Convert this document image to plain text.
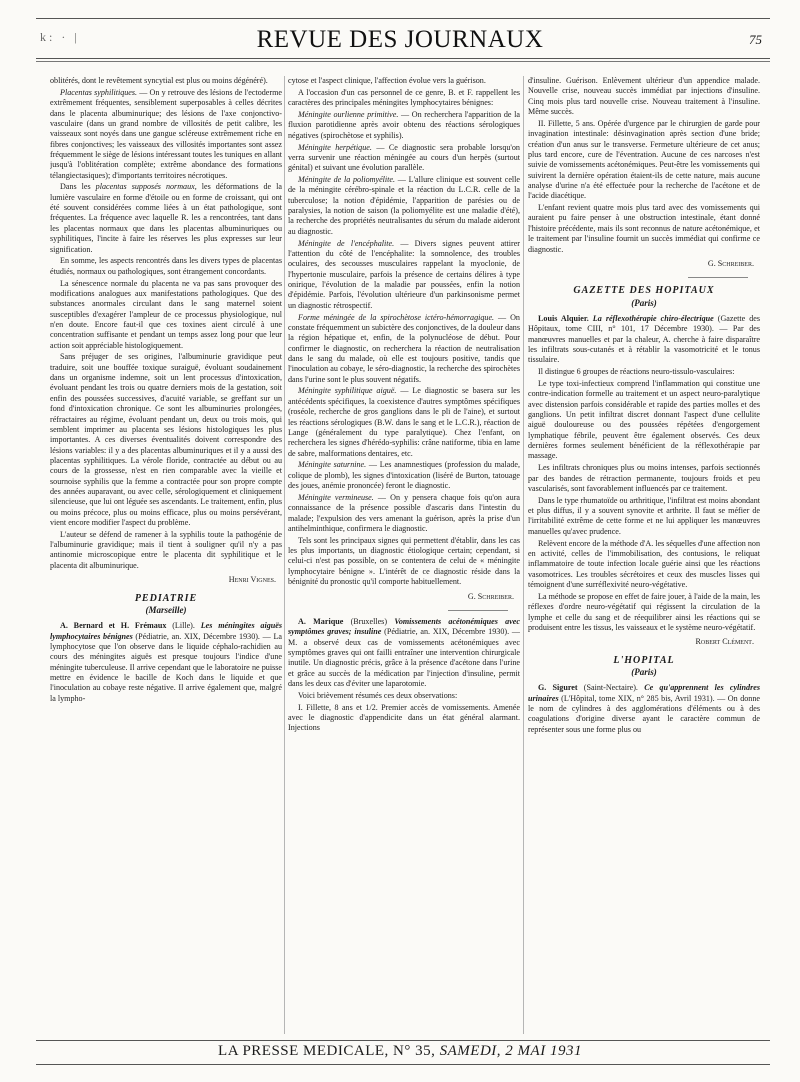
k: · |	REVUE DES JOURNAUX	75

oblitérés, dont le revêtement syncytial est plus ou moins dégénéré).

Placentas syphilitiques. — On y retrouve des lésions de l'ectoderme extrêmement fréquentes, sensiblement superposables à celles décrites dans le placenta albuminurique; des lésions de l'axe conjonctivo-vasculaire (dans un grand nombre de villosités de petit calibre, les vaisseaux sont noyés dans une gangue scléreuse extrêmement riche en fibres conjonctives; les vaisseaux des villosités importantes sont assez fréquemment le siège de lésions intéressant toutes les tuniques en allant jusqu'à l'oblitération complète; extrême abondance des formations télangiectasiques); d'importants territoires nécrotiques.

Dans les placentas supposés normaux, les déformations de la lumière vasculaire en forme d'étoile ou en forme de croissant, qui ont été souvent considérées comme liées à un état pathologique, sont fréquentes. La fréquence avec laquelle R. les a rencontrées, tant dans les placentas normaux que dans les placentas albuminuriques ou syphilitiques, l'incite à faire les réserves les plus expresses sur leur signification.

En somme, les aspects rencontrés dans les divers types de placentas étudiés, normaux ou pathologiques, sont étrangement concordants.

La sénescence normale du placenta ne va pas sans provoquer des modifications analogues aux manifestations pathologiques. Que des substances anormales circulant dans le sang maternel soient susceptibles d'exagérer l'ampleur de ce processus physiologique, nul n'en doute. Encore faut-il que ces toxines aient circulé à une concentration suffisante et pendant un temps assez long pour que leur action soit appréciable histologiquement.

Sans préjuger de ses origines, l'albuminurie gravidique peut traduire, soit une bouffée toxique suraiguë, évoluant soudainement dans un organisme indemne, soit un lent processus d'intoxication, évoluant pendant les trois ou quatre derniers mois de la gestation, soit enfin des poussées successives, d'acuité variable, se greffant sur un fond d'intoxication chronique. Ce sont les albuminuries prolongées, réfractaires au régime, évoluant pendant un, deux ou trois mois, qui semblent imprimer au placenta ses lésions histologiques les plus importantes. A ces diverses éventualités doivent correspondre des lésions variables: il y a des placentas albuminuriques et il y a aussi des placentas syphilitiques. La vérole floride, contractée au début ou au cours de la grossesse, n'est en rien comparable avec la vieille et sournoise syphilis que la femme a contractée pour son propre compte des années auparavant, ou avec celle, sérologiquement et cliniquement silencieuse, que lui ont léguée ses ascendants. Le traitement, enfin, plus ou moins précoce, plus ou moins efficace, plus ou moins persévérant, vient encore modifier l'aspect du problème.

L'auteur se défend de ramener à la syphilis toute la pathogénie de l'albuminurie gravidique; mais il tient à souligner qu'il n'y a pas antinomie microscopique entre le placenta dit syphilitique et le placenta dit albuminurique.

Henri Vignes.

PEDIATRIE
(Marseille)

A. Bernard et H. Frémaux (Lille). Les méningites aiguës lymphocytaires bénignes (Pédiatrie, an. XIX, Décembre 1930). — La lymphocytose que l'on observe dans le liquide céphalo-rachidien au cours des méningites aiguës est presque toujours l'indice d'une méningite tuberculeuse. Il arrive cependant que le laboratoire ne puisse mettre en évidence le bacille de Koch dans le liquide et que l'inoculation au cobaye reste négative. Il arrive également que, malgré la lympho-

cytose et l'aspect clinique, l'affection évolue vers la guérison.

A l'occasion d'un cas personnel de ce genre, B. et F. rappellent les caractères des principales méningites lymphocytaires bénignes:

Méningite ourlienne primitive. — On recherchera l'apparition de la fluxion parotidienne après avoir obtenu des réactions sérologiques négatives (spirochètose et syphilis).

Méningite herpétique. — Ce diagnostic sera probable lorsqu'on verra survenir une réaction méningée au cours d'un herpès (surtout génital) et suivant une évolution parallèle.

Méningite de la poliomyélite. — L'allure clinique est souvent celle de la méningite cérébro-spinale et la réaction du L.C.R. celle de la tuberculose; la notion d'épidémie, l'apparition de parésies ou de paralysies, la notion de saison (la poliomyélite est une maladie d'été), la recherche des propriétés neutralisantes du sérum du malade aideront au diagnostic.

Méningite de l'encéphalite. — Divers signes peuvent attirer l'attention du côté de l'encéphalite: la somnolence, des troubles oculaires, des secousses musculaires rappelant la myoclonie, de l'hypertonie musculaire, parfois la présence de certains délires à type onirique, l'évolution de la maladie par poussées, enfin la notion d'épidémie. Parfois, l'évolution ultérieure d'un parkinsonisme permet un diagnostic rétrospectif.

Forme méningée de la spirochètose ictéro-hémorragique. — On constate fréquemment un subictère des conjonctives, de la douleur dans la région hépatique et, enfin, de la polynucléose de début. Pour confirmer le diagnostic, on recherchera la réaction de neutralisation dans le sang du malade, où elle est toujours positive, tandis que l'inoculation au cobaye, le séro-diagnostic, la recherche des spirochètes dans l'urine sont le plus souvent négatifs.

Méningite syphilitique aiguë. — Le diagnostic se basera sur les antécédents spécifiques, la coexistence d'autres symptômes spécifiques (roséole, recherche de gros ganglions dans le pli de l'aine), et surtout les réactions sérologiques (B.W. dans le sang et le L.C.R.), réaction de Lange (généralement du type paralytique). Chez l'enfant, on recherchera les signes d'hérédo-syphilis: crâne natiforme, tibia en lame de sabre, malformations dentaires, etc.

Méningite saturnine. — Les anamnestiques (profession du malade, colique de plomb), les signes d'intoxication (liséré de Burton, tatouage des joues, anémie prononcée) feront le diagnostic.

Méningite vermineuse. — On y pensera chaque fois qu'on aura connaissance de la présence possible d'ascaris dans l'intestin du malade; l'expulsion des vers amenant la guérison, après la prise d'un antihelminthique, confirmera le diagnostic.

Tels sont les principaux signes qui permettent d'établir, dans les cas les plus importants, un diagnostic étiologique certain; cependant, si celui-ci n'est pas possible, on se contentera de celui de « méningite lymphocytaire bénigne ». L'intérêt de ce diagnostic réside dans la bénignité du pronostic qu'il comporte habituellement.

G. Schreiber.

A. Marique (Bruxelles) Vomissements acétonémiques avec symptômes graves; insuline (Pédiatrie, an. XIX, Décembre 1930). — M. a observé deux cas de vomissements acétonémiques avec symptômes graves qui ont failli entraîner une intervention chirurgicale inutile. Un diagnostic précis, grâce à la présence d'acétone dans l'urine et grâce au succès de la médication par l'injection d'insuline, permit dans les deux cas d'éviter une laparotomie.

Voici brièvement résumés ces deux observations:

I. Fillette, 8 ans et 1/2. Premier accès de vomissements. Amenée avec le diagnostic d'appendicite dans un état général alarmant. Injections

d'insuline. Guérison. Enlèvement ultérieur d'un appendice malade. Nouvelle crise, nouveau succès immédiat par injections d'insuline. Cinq mois plus tard nouvelle crise. Nouveau traitement à l'insuline. Même succès.

II. Fillette, 5 ans. Opérée d'urgence par le chirurgien de garde pour invagination intestinale: désinvagination après section d'une bride; création d'un anus sur le transverse. Fermeture ultérieure de cet anus; plus tard encore, cure de l'éventration. Aucune de ces narcoses n'est suivie de vomissements acétonémiques. Peut-être les vomissements qui suivirent la dernière opération étaient-ils de cette nature, mais aucune analyse d'urine n'a été effectuée pour la recherche de l'acétone et de l'acide diacétique.

L'enfant revient quatre mois plus tard avec des vomissements qui auraient pu faire penser à une obstruction intestinale, étant donné l'histoire précédente, mais ils sont reconnus de nature acétonémique, et le traitement par l'insuline fournit un succès immédiat qui confirme ce diagnostic.

G. Schreiber.

GAZETTE DES HOPITAUX
(Paris)

Louis Alquier. La réflexothérapie chiro-électrique (Gazette des Hôpitaux, tome CIII, n° 101, 17 Décembre 1930). — Par des manœuvres manuelles et par la chaleur, A. cherche à faire disparaître les infiltrats sous-cutanés et à rétablir la vasomotricité et le tonus tissulaire.

Il distingue 6 groupes de réactions neuro-tissulo-vasculaires:

Le type toxi-infectieux comprend l'inflammation qui constitue une contre-indication formelle au traitement et un aspect neuro-paralytique avec distension parfois considérable et rapide des parties molles et des ganglions. Un petit infiltrat discret donnant l'aspect d'une cellulite aiguë douloureuse ou des poussées répétées d'engorgement lymphatique fébrile, peuvent être également observés. Ces deux dernières formes seulement bénéficient de la réflexothérapie par massage.

Les infiltrats chroniques plus ou moins intenses, parfois sectionnés par des bandes de rétraction permanente, toujours froids et peu vascularisés, sont favorablement influencés par ce traitement.

Dans le type rhumatoïde ou arthritique, l'infiltrat est moins abondant et plus diffus, il y a souvent synovite et arthrite. Il faut se méfier de l'irritabilité extrême de cette forme et ne lui appliquer les manœuvres manuelles qu'avec prudence.

Relèvent encore de la méthode d'A. les séquelles d'une affection non en activité, celles de l'immobilisation, des contusions, le reliquat inflammatoire de toute infection locale guérie ainsi que les réactions vasomotrices. Les troubles sécrétoires et ceux des muscles lisses qui témoignent d'une surréflexivité neuro-végétative.

La méthode se propose en effet de faire jouer, à l'aide de la main, les réflexes d'ordre neuro-végétatif qui régissent la circulation de la lymphe et celle du sang et de réequilibrer ainsi les réactions qui se produisent entre les tissus, les vaisseaux et le système neuro-végétatif.

Robert Clément.

L'HOPITAL
(Paris)

G. Siguret (Saint-Nectaire). Ce qu'apprennent les cylindres urinaires (L'Hôpital, tome XIX, n° 285 bis, Avril 1931). — On donne le nom de cylindres à des agglomérations d'éléments ou à des coagulations d'origine diverse ayant le caractère commun de représenter sous une forme plus ou

LA PRESSE MEDICALE, N° 35, SAMEDI, 2 MAI 1931
